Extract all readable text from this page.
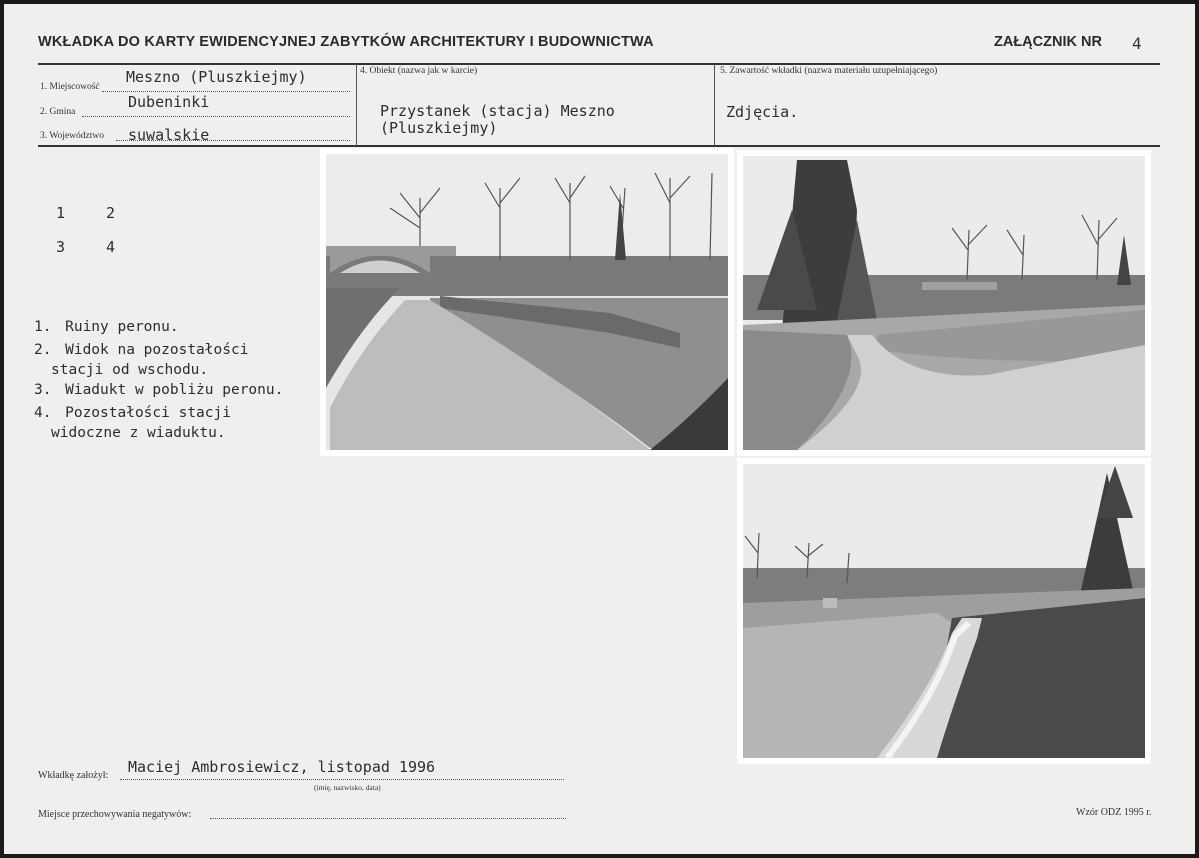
WKŁADKA DO KARTY EWIDENCYJNEJ ZABYTKÓW ARCHITEKTURY I BUDOWNICTWA	ZAŁĄCZNIK NR 4
1. Miejscowość
Meszno (Pluszkiejmy)
2. Gmina
Dubeninki
3. Województwo suwalskie
4. Obiekt (nazwa jak w karcie)
Przystanek (stacja) Meszno
(Pluszkiejmy)
5. Zawartość wkładki (nazwa materiału uzupełniającego)
Zdjęcia.
1	2
3	4
1. Ruiny peronu.
2. Widok na pozostałości
stacji od wschodu.
3. Wiadukt w pobliżu peronu.
4. Pozostałości stacji
widoczne z wiaduktu.
Wkładkę założył: Maciej Ambrosiewicz, listopad 1996
(imię, nazwisko, data)
Miejsce przechowywania negatywów:	Wzór ODZ 1995 r.
